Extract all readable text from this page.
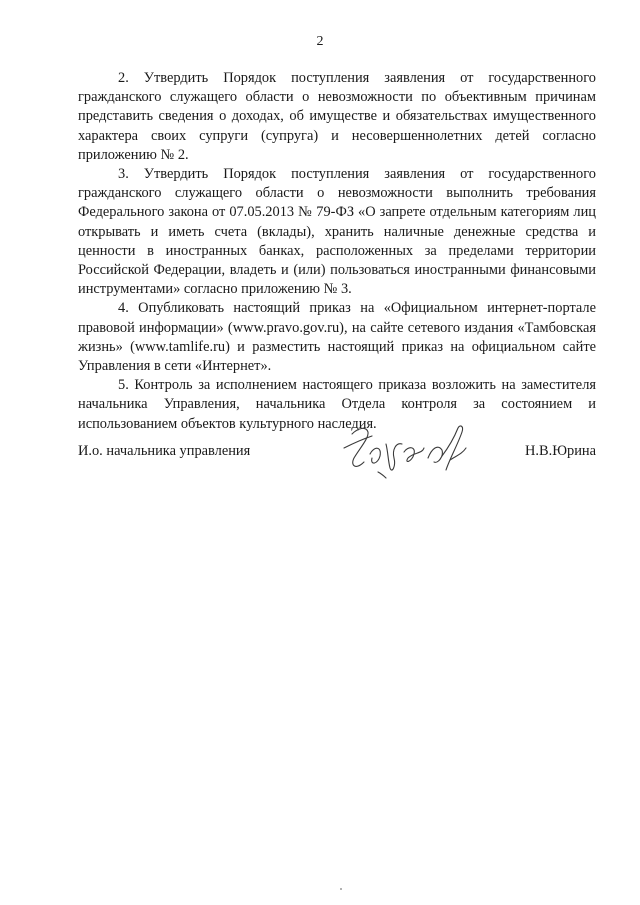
2

2. Утвердить Порядок поступления заявления от государственного гражданского служащего области о невозможности по объективным причинам представить сведения о доходах, об имуществе и обязательствах имущественного характера своих супруги (супруга) и несовершеннолетних детей согласно приложению № 2.

3. Утвердить Порядок поступления заявления от государственного гражданского служащего области о невозможности выполнить требования Федерального закона от 07.05.2013 № 79-ФЗ «О запрете отдельным категориям лиц открывать и иметь счета (вклады), хранить наличные денежные средства и ценности в иностранных банках, расположенных за пределами территории Российской Федерации, владеть и (или) пользоваться иностранными финансовыми инструментами» согласно приложению № 3.

4. Опубликовать настоящий приказ на «Официальном интернет-портале правовой информации» (www.pravo.gov.ru), на сайте сетевого издания «Тамбовская жизнь» (www.tamlife.ru) и разместить настоящий приказ на официальном сайте Управления в сети «Интернет».

5. Контроль за исполнением настоящего приказа возложить на заместителя начальника Управления, начальника Отдела контроля за состоянием и использованием объектов культурного наследия.

И.о. начальника управления	Н.В.Юрина
